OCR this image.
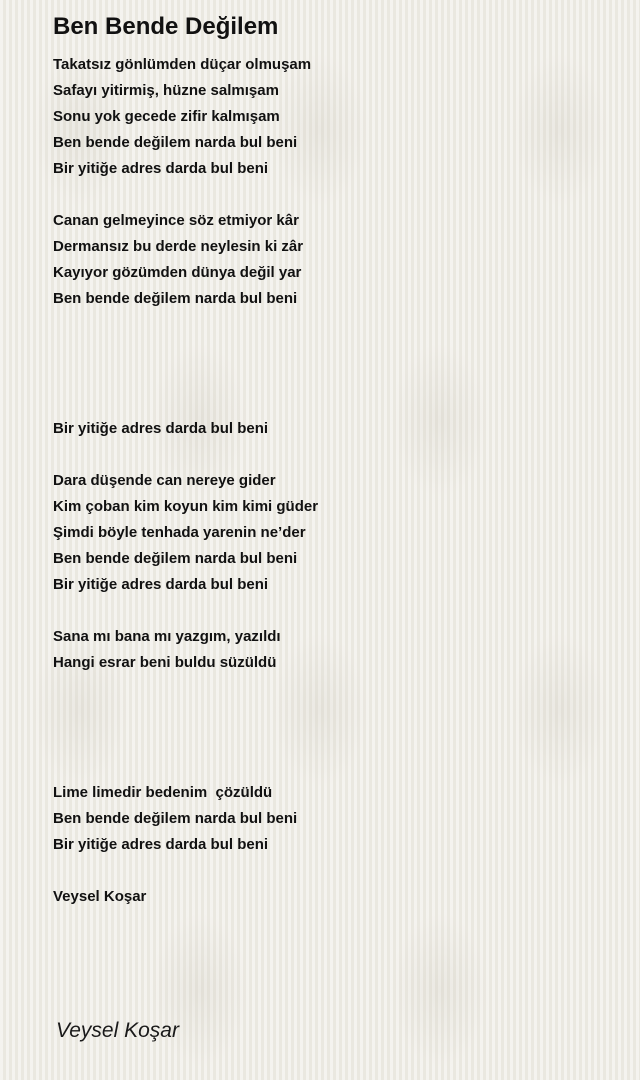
Ben Bende Değilem
Takatsız gönlümden düçar olmuşam
Safayı yitirmiş, hüzne salmışam
Sonu yok gecede zifir kalmışam
Ben bende değilem narda bul beni
Bir yitiğe adres darda bul beni
Canan gelmeyince söz etmiyor kâr
Dermansız bu derde neylesin ki zâr
Kayıyor gözümden dünya değil yar
Ben bende değilem narda bul beni
Bir yitiğe adres darda bul beni
Dara düşende can nereye gider
Kim çoban kim koyun kim kimi güder
Şimdi böyle tenhada yarenin ne’der
Ben bende değilem narda bul beni
Bir yitiğe adres darda bul beni
Sana mı bana mı yazgım, yazıldı
Hangi esrar beni buldu süzüldü
Lime limedir bedenim  çözüldü
Ben bende değilem narda bul beni
Bir yitiğe adres darda bul beni
Veysel Koşar
Veysel Koşar
